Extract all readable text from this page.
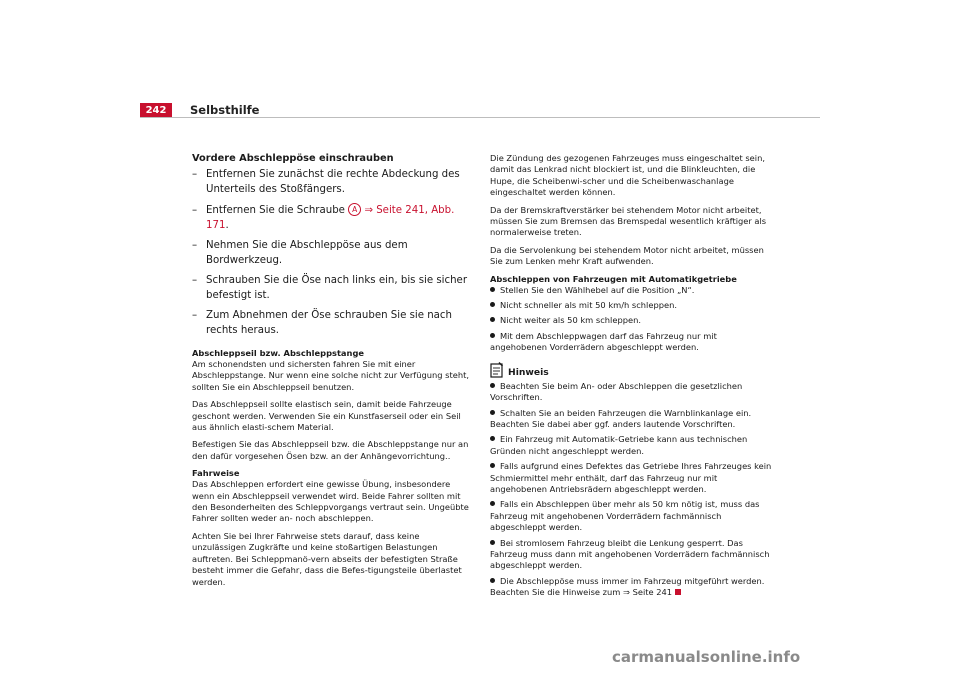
242	Selbsthilfe
Vordere Abschleppöse einschrauben
– Entfernen Sie zunächst die rechte Abdeckung des Unterteils des Stoßfängers.
– Entfernen Sie die Schraube A ⇒ Seite 241, Abb. 171.
– Nehmen Sie die Abschleppöse aus dem Bordwerkzeug.
– Schrauben Sie die Öse nach links ein, bis sie sicher befestigt ist.
– Zum Abnehmen der Öse schrauben Sie sie nach rechts heraus.
Abschleppseil bzw. Abschleppstange
Am schonendsten und sichersten fahren Sie mit einer Abschleppstange. Nur wenn eine solche nicht zur Verfügung steht, sollten Sie ein Abschleppseil benutzen.
Das Abschleppseil sollte elastisch sein, damit beide Fahrzeuge geschont werden. Verwenden Sie ein Kunstfaserseil oder ein Seil aus ähnlich elasti-schem Material.
Befestigen Sie das Abschleppseil bzw. die Abschleppstange nur an den dafür vorgesehen Ösen bzw. an der Anhängevorrichtung..
Fahrweise
Das Abschleppen erfordert eine gewisse Übung, insbesondere wenn ein Abschleppseil verwendet wird. Beide Fahrer sollten mit den Besonderheiten des Schleppvorgangs vertraut sein. Ungeübte Fahrer sollten weder an- noch abschleppen.
Achten Sie bei Ihrer Fahrweise stets darauf, dass keine unzulässigen Zugkräfte und keine stoßartigen Belastungen auftreten. Bei Schleppmanö-vern abseits der befestigten Straße besteht immer die Gefahr, dass die Befes-tigungsteile überlastet werden.
Die Zündung des gezogenen Fahrzeuges muss eingeschaltet sein, damit das Lenkrad nicht blockiert ist, und die Blinkleuchten, die Hupe, die Scheibenwi-scher und die Scheibenwaschanlage eingeschaltet werden können.
Da der Bremskraftverstärker bei stehendem Motor nicht arbeitet, müssen Sie zum Bremsen das Bremspedal wesentlich kräftiger als normalerweise treten.
Da die Servolenkung bei stehendem Motor nicht arbeitet, müssen Sie zum Lenken mehr Kraft aufwenden.
Abschleppen von Fahrzeugen mit Automatikgetriebe
Stellen Sie den Wählhebel auf die Position „N“.
Nicht schneller als mit 50 km/h schleppen.
Nicht weiter als 50 km schleppen.
Mit dem Abschleppwagen darf das Fahrzeug nur mit angehobenen Vorderrädern abgeschleppt werden.
Hinweis
Beachten Sie beim An- oder Abschleppen die gesetzlichen Vorschriften.
Schalten Sie an beiden Fahrzeugen die Warnblinkanlage ein. Beachten Sie dabei aber ggf. anders lautende Vorschriften.
Ein Fahrzeug mit Automatik-Getriebe kann aus technischen Gründen nicht angeschleppt werden.
Falls aufgrund eines Defektes das Getriebe Ihres Fahrzeuges kein Schmiermittel mehr enthält, darf das Fahrzeug nur mit angehobenen Antriebsrädern abgeschleppt werden.
Falls ein Abschleppen über mehr als 50 km nötig ist, muss das Fahrzeug mit angehobenen Vorderrädern fachmännisch abgeschleppt werden.
Bei stromlosem Fahrzeug bleibt die Lenkung gesperrt. Das Fahrzeug muss dann mit angehobenen Vorderrädern fachmännisch abgeschleppt werden.
Die Abschleppöse muss immer im Fahrzeug mitgeführt werden. Beachten Sie die Hinweise zum ⇒ Seite 241
carmanualsonline.info
